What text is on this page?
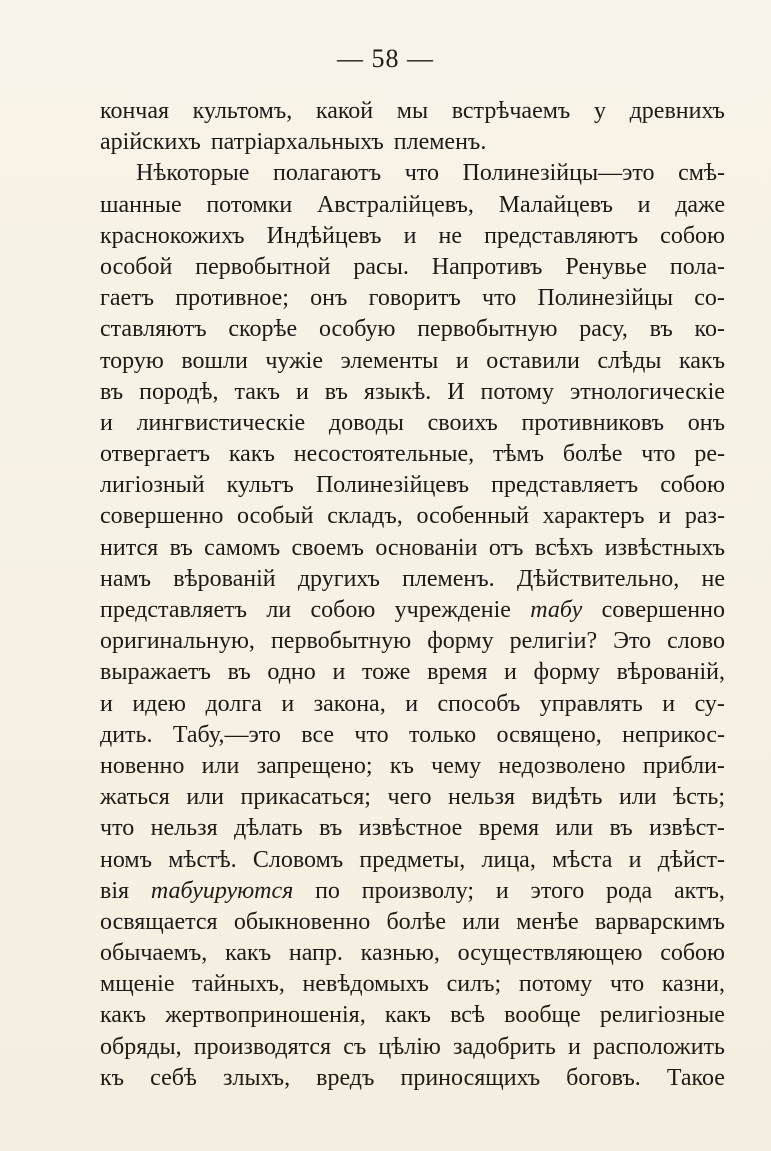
— 58 —
кончая культомъ, какой мы встрѣчаемъ у древнихъ
арійскихъ патріархальныхъ племенъ.
Нѣкоторые полагаютъ что Полинезійцы—это смѣ-
шанные потомки Австралійцевъ, Малайцевъ и даже
краснокожихъ Индѣйцевъ и не представляютъ собою
особой первобытной расы. Напротивъ Ренувье пола-
гаетъ противное; онъ говоритъ что Полинезійцы со-
ставляютъ скорѣе особую первобытную расу, въ ко-
торую вошли чужіе элементы и оставили слѣды какъ
въ породѣ, такъ и въ языкѣ. И потому этнологическіе
и лингвистическіе доводы своихъ противниковъ онъ
отвергаетъ какъ несостоятельные, тѣмъ болѣе что ре-
лигіозный культъ Полинезійцевъ представляетъ собою
совершенно особый складъ, особенный характеръ и раз-
нится въ самомъ своемъ основаніи отъ всѣхъ извѣстныхъ
намъ вѣрованій другихъ племенъ. Дѣйствительно, не
представляетъ ли собою учрежденіе табу совершенно
оригинальную, первобытную форму религіи? Это слово
выражаетъ въ одно и тоже время и форму вѣрованій,
и идею долга и закона, и способъ управлять и су-
дить. Табу,—это все что только освящено, неприкос-
новенно или запрещено; къ чему недозволено прибли-
жаться или прикасаться; чего нельзя видѣть или ѣсть;
что нельзя дѣлать въ извѣстное время или въ извѣст-
номъ мѣстѣ. Словомъ предметы, лица, мѣста и дѣйст-
вія табуируются по произволу; и этого рода актъ,
освящается обыкновенно болѣе или менѣе варварскимъ
обычаемъ, какъ напр. казнью, осуществляющею собою
мщеніе тайныхъ, невѣдомыхъ силъ; потому что казни,
какъ жертвоприношенія, какъ всѣ вообще религіозные
обряды, производятся съ цѣлію задобрить и расположить
къ себѣ злыхъ, вредъ приносящихъ боговъ. Такое
